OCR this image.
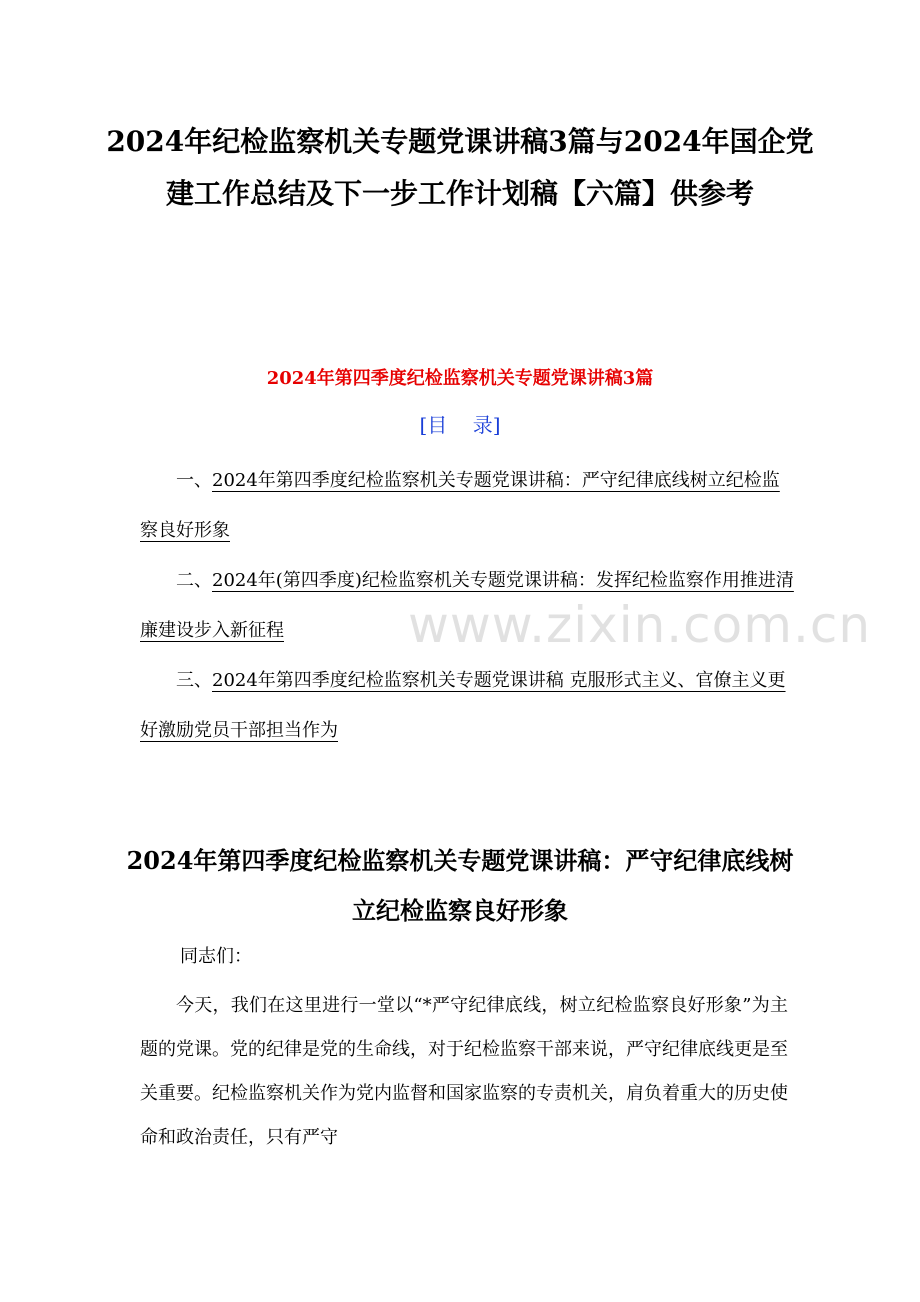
2024年纪检监察机关专题党课讲稿3篇与2024年国企党建工作总结及下一步工作计划稿【六篇】供参考
2024年第四季度纪检监察机关专题党课讲稿3篇
[目    录]
一、2024年第四季度纪检监察机关专题党课讲稿：严守纪律底线树立纪检监察良好形象
二、2024年(第四季度)纪检监察机关专题党课讲稿：发挥纪检监察作用推进清廉建设步入新征程
三、2024年第四季度纪检监察机关专题党课讲稿 克服形式主义、官僚主义更好激励党员干部担当作为
www.zixin.com.cn
2024年第四季度纪检监察机关专题党课讲稿：严守纪律底线树立纪检监察良好形象

同志们：

今天，我们在这里进行一堂以“*严守纪律底线，树立纪检监察良好形象”为主题的党课。党的纪律是党的生命线，对于纪检监察干部来说，严守纪律底线更是至关重要。纪检监察机关作为党内监督和国家监察的专责机关，肩负着重大的历史使命和政治责任，只有严守
